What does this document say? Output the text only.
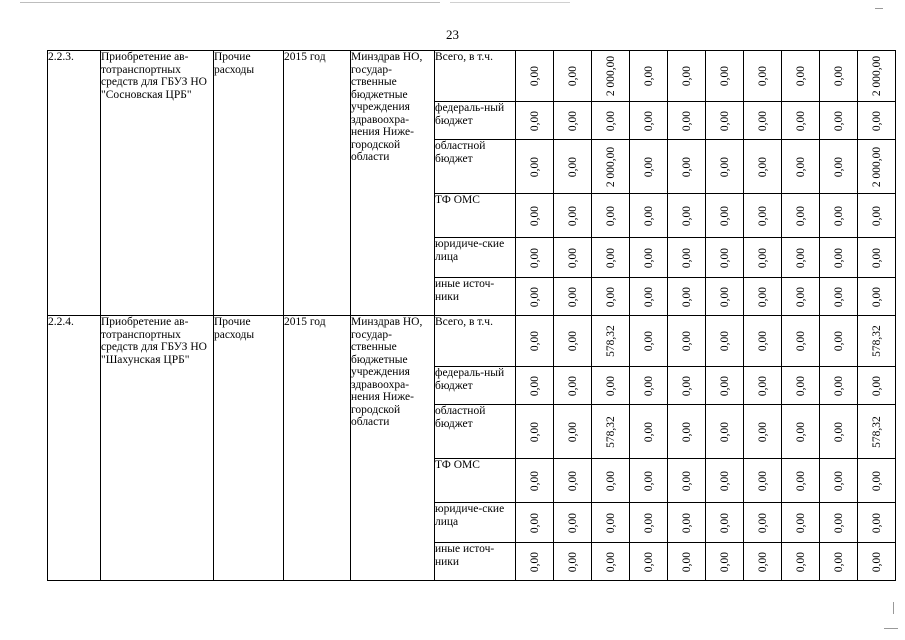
23
2.2.3.	Приобретение ав-тотранспортных средств для ГБУЗ НО "Сосновская ЦРБ"	Прочие расходы	2015 год	Минздрав НО, государ-ственные бюджетные учреждения здравоохра-нения Ниже-городской области	Всего, в т.ч.	0,00	0,00	2 000,00	0,00	0,00	0,00	0,00	0,00	0,00	2 000,00

					федераль-ный бюджет	0,00	0,00	0,00	0,00	0,00	0,00	0,00	0,00	0,00	0,00

					областной бюджет	0,00	0,00	2 000,00	0,00	0,00	0,00	0,00	0,00	0,00	2 000,00

					ТФ ОМС	0,00	0,00	0,00	0,00	0,00	0,00	0,00	0,00	0,00	0,00

					юридиче-ские лица	0,00	0,00	0,00	0,00	0,00	0,00	0,00	0,00	0,00	0,00

					иные источ-ники	0,00	0,00	0,00	0,00	0,00	0,00	0,00	0,00	0,00	0,00

2.2.4.	Приобретение ав-тотранспортных средств для ГБУЗ НО "Шахунская ЦРБ"	Прочие расходы	2015 год	Минздрав НО, государ-ственные бюджетные учреждения здравоохра-нения Ниже-городской области	Всего, в т.ч.	0,00	0,00	578,32	0,00	0,00	0,00	0,00	0,00	0,00	578,32

					федераль-ный бюджет	0,00	0,00	0,00	0,00	0,00	0,00	0,00	0,00	0,00	0,00

					областной бюджет	0,00	0,00	578,32	0,00	0,00	0,00	0,00	0,00	0,00	578,32

					ТФ ОМС	0,00	0,00	0,00	0,00	0,00	0,00	0,00	0,00	0,00	0,00

					юридиче-ские лица	0,00	0,00	0,00	0,00	0,00	0,00	0,00	0,00	0,00	0,00

					иные источ-ники	0,00	0,00	0,00	0,00	0,00	0,00	0,00	0,00	0,00	0,00
